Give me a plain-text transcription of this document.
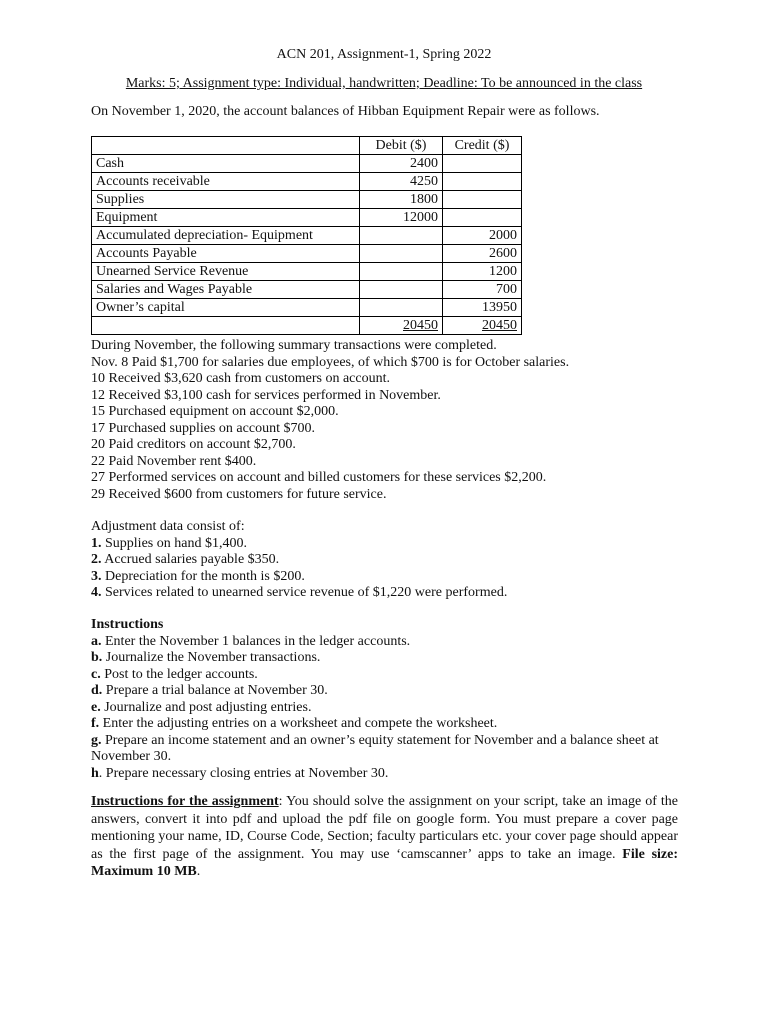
ACN 201, Assignment-1, Spring 2022

Marks: 5; Assignment type: Individual, handwritten; Deadline: To be announced in the class

On November 1, 2020, the account balances of Hibban Equipment Repair were as follows.

	Debit ($)	Credit ($)
Cash	2400	
Accounts receivable	4250	
Supplies	1800	
Equipment	12000	
Accumulated depreciation- Equipment		2000
Accounts Payable		2600
Unearned Service Revenue		1200
Salaries and Wages Payable		700
Owner’s capital		13950
	20450	20450
During November, the following summary transactions were completed.
Nov. 8 Paid $1,700 for salaries due employees, of which $700 is for October salaries.
10 Received $3,620 cash from customers on account.
12 Received $3,100 cash for services performed in November.
15 Purchased equipment on account $2,000.
17 Purchased supplies on account $700.
20 Paid creditors on account $2,700.
22 Paid November rent $400.
27 Performed services on account and billed customers for these services $2,200.
29 Received $600 from customers for future service.
Adjustment data consist of:
1. Supplies on hand $1,400.
2. Accrued salaries payable $350.
3. Depreciation for the month is $200.
4. Services related to unearned service revenue of $1,220 were performed.
Instructions
a. Enter the November 1 balances in the ledger accounts.
b. Journalize the November transactions.
c. Post to the ledger accounts.
d. Prepare a trial balance at November 30.
e. Journalize and post adjusting entries.
f. Enter the adjusting entries on a worksheet and compete the worksheet.
g. Prepare an income statement and an owner’s equity statement for November and a balance sheet at November 30.
h. Prepare necessary closing entries at November 30.

Instructions for the assignment: You should solve the assignment on your script, take an image of the answers, convert it into pdf and upload the pdf file on google form. You must prepare a cover page mentioning your name, ID, Course Code, Section; faculty particulars etc. your cover page should appear as the first page of the assignment. You may use ‘camscanner’ apps to take an image. File size: Maximum 10 MB.
